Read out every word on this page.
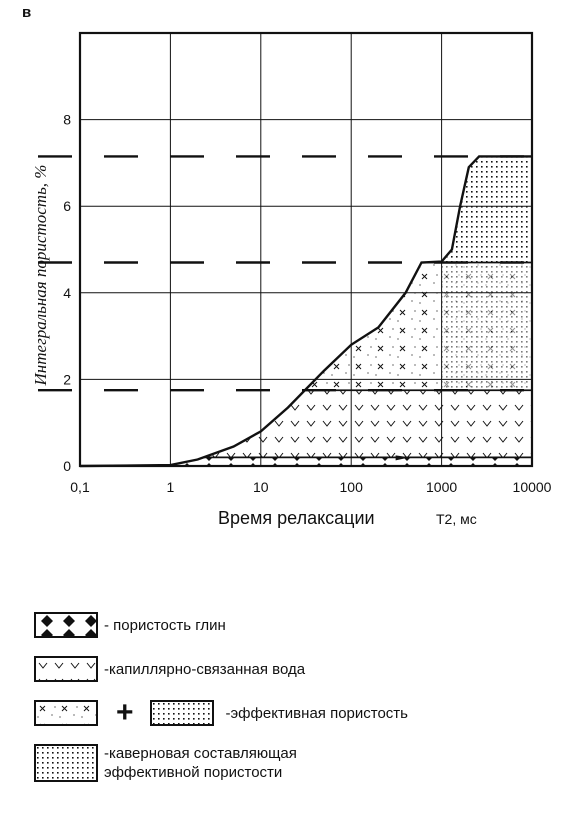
в
0,1	1	10	100	1000	10000
0
2
4
6
8
Интегральная пористость, %
Время релаксации	Т2, мс
- пористость глин
-капиллярно-связанная вода
+	-эффективная пористость
-каверновая составляющая
эффективной пористости
